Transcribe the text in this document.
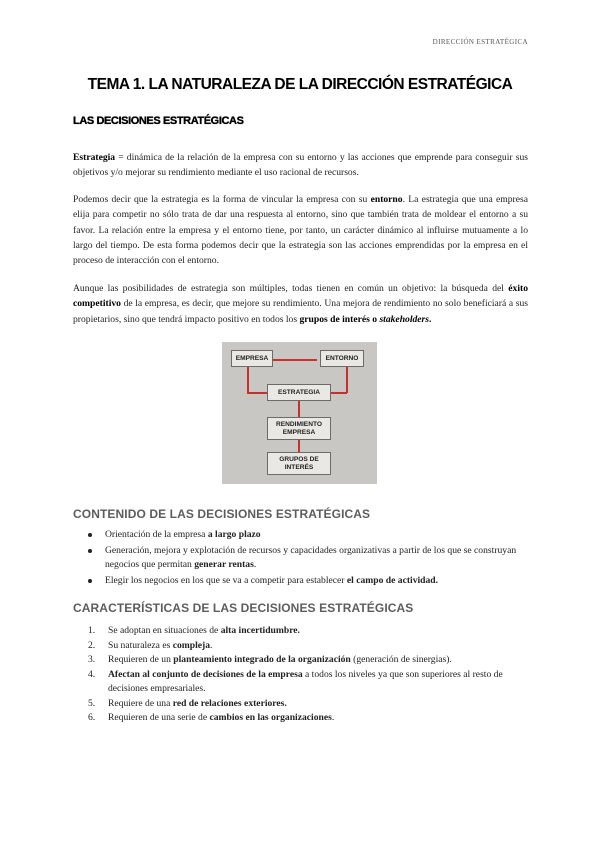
DIRECCIÓN ESTRATÉGICA
TEMA 1. LA NATURALEZA DE LA DIRECCIÓN ESTRATÉGICA
LAS DECISIONES ESTRATÉGICAS

Estrategia = dinámica de la relación de la empresa con su entorno y las acciones que emprende para conseguir sus objetivos y/o mejorar su rendimiento mediante el uso racional de recursos.

Podemos decir que la estrategia es la forma de vincular la empresa con su entorno. La estrategia que una empresa elija para competir no sólo trata de dar una respuesta al entorno, sino que también trata de moldear el entorno a su favor. La relación entre la empresa y el entorno tiene, por tanto, un carácter dinámico al influirse mutuamente a lo largo del tiempo. De esta forma podemos decir que la estrategia son las acciones emprendidas por la empresa en el proceso de interacción con el entorno.

Aunque las posibilidades de estrategia son múltiples, todas tienen en común un objetivo: la búsqueda del éxito competitivo de la empresa, es decir, que mejore su rendimiento. Una mejora de rendimiento no solo beneficiará a sus propietarios, sino que tendrá impacto positivo en todos los grupos de interés o stakeholders.

EMPRESA	ENTORNO
ESTRATEGIA
RENDIMIENTO EMPRESA
GRUPOS DE INTERÉS
CONTENIDO DE LAS DECISIONES ESTRATÉGICAS
Orientación de la empresa a largo plazo
Generación, mejora y explotación de recursos y capacidades organizativas a partir de los que se construyan negocios que permitan generar rentas.
Elegir los negocios en los que se va a competir para establecer el campo de actividad.
CARACTERÍSTICAS DE LAS DECISIONES ESTRATÉGICAS
1. Se adoptan en situaciones de alta incertidumbre.
2. Su naturaleza es compleja.
3. Requieren de un planteamiento integrado de la organización (generación de sinergias).
4. Afectan al conjunto de decisiones de la empresa a todos los niveles ya que son superiores al resto de decisiones empresariales.
5. Requiere de una red de relaciones exteriores.
6. Requieren de una serie de cambios en las organizaciones.
